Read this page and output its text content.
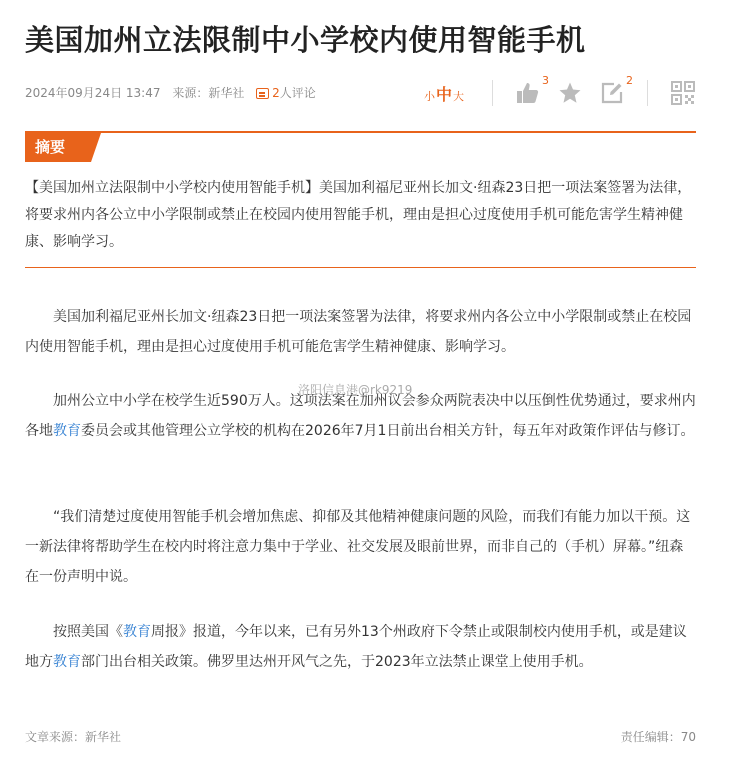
美国加州立法限制中小学校内使用智能手机
2024年09月24日 13:47 来源：新华社 2人评论	小 中 大
$^3$	$^2$
摘要
【美国加州立法限制中小学校内使用智能手机】美国加利福尼亚州长加文·纽森23日把一项法案签署为法律，将要求州内各公立中小学限制或禁止在校园内使用智能手机，理由是担心过度使用手机可能危害学生精神健康、影响学习。
美国加利福尼亚州长加文·纽森23日把一项法案签署为法律，将要求州内各公立中小学限制或禁止在校园内使用智能手机，理由是担心过度使用手机可能危害学生精神健康、影响学习。
加州公立中小学在校学生近590万人。这项法案在加州议会参众两院表决中以压倒性优势通过，要求州内各地教育委员会或其他管理公立学校的机构在2026年7月1日前出台相关方针，每五年对政策作评估与修订。
“我们清楚过度使用智能手机会增加焦虑、抑郁及其他精神健康问题的风险，而我们有能力加以干预。这一新法律将帮助学生在校内时将注意力集中于学业、社交发展及眼前世界，而非自己的（手机）屏幕。”纽森在一份声明中说。
按照美国《教育周报》报道，今年以来，已有另外13个州政府下令禁止或限制校内使用手机，或是建议地方教育部门出台相关政策。佛罗里达州开风气之先，于2023年立法禁止课堂上使用手机。
文章来源：新华社	责任编辑：70
洛阳信息港@rk9219
